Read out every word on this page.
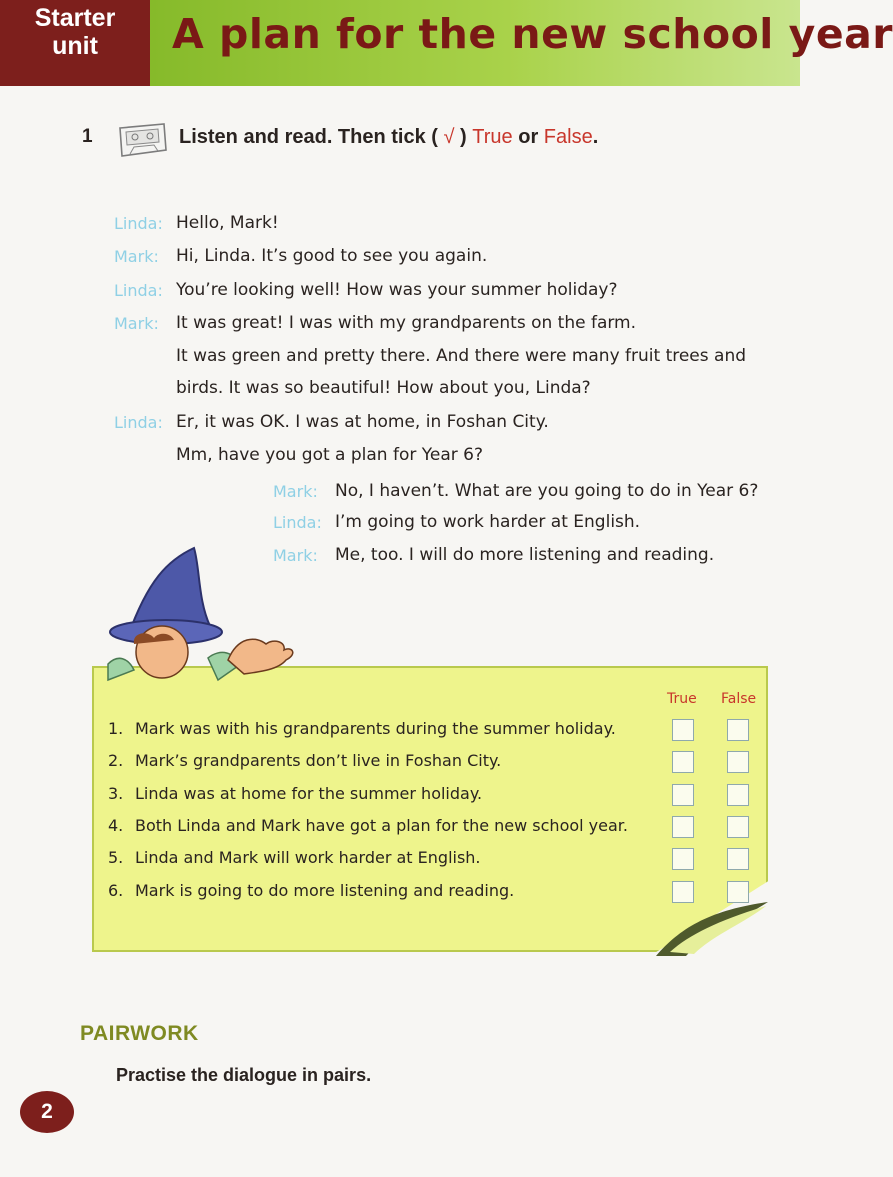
Starter
unit	A plan for the new school year
1	Listen and read. Then tick ( √ ) True or False.
Linda: Hello, Mark!
Mark: Hi, Linda. It’s good to see you again.
Linda: You’re looking well! How was your summer holiday?
Mark: It was great! I was with my grandparents on the farm.
It was green and pretty there. And there were many fruit trees and
birds. It was so beautiful! How about you, Linda?
Linda: Er, it was OK. I was at home, in Foshan City.
Mm, have you got a plan for Year 6?
Mark: No, I haven’t. What are you going to do in Year 6?
Linda: I’m going to work harder at English.
Mark: Me, too. I will do more listening and reading.
True False
1. Mark was with his grandparents during the summer holiday.
2. Mark’s grandparents don’t live in Foshan City.
3. Linda was at home for the summer holiday.
4. Both Linda and Mark have got a plan for the new school year.
5. Linda and Mark will work harder at English.
6. Mark is going to do more listening and reading.
PAIRWORK
Practise the dialogue in pairs.
2
